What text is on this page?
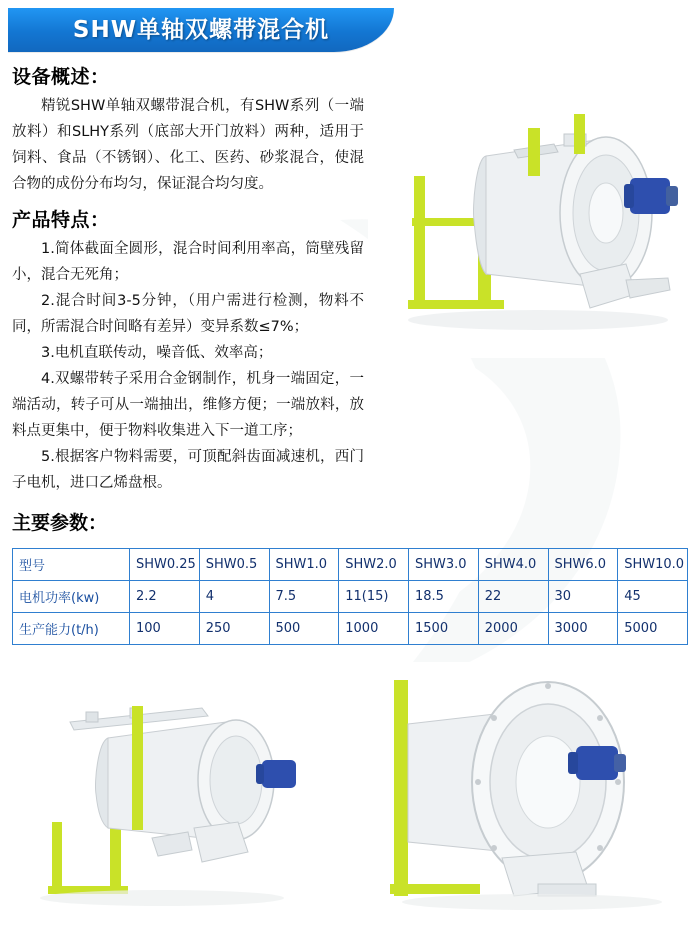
SHW单轴双螺带混合机
设备概述：

精锐SHW单轴双螺带混合机，有SHW系列（一端放料）和SLHY系列（底部大开门放料）两种，适用于饲料、食品（不锈钢）、化工、医药、砂浆混合，使混合物的成份分布均匀，保证混合均匀度。

产品特点：

1.简体截面全圆形，混合时间利用率高，筒壁残留小，混合无死角；

2.混合时间3-5分钟，（用户需进行检测，物料不同，所需混合时间略有差异）变异系数≤7%；

3.电机直联传动，噪音低、效率高；

4.双螺带转子采用合金钢制作，机身一端固定，一端活动，转子可从一端抽出，维修方便；一端放料，放料点更集中，便于物料收集进入下一道工序；

5.根据客户物料需要，可顶配斜齿面减速机，西门子电机，进口乙烯盘根。

主要参数：
型号	SHW0.25	SHW0.5	SHW1.0	SHW2.0	SHW3.0	SHW4.0	SHW6.0	SHW10.0
电机功率(kw)	2.2	4	7.5	11(15)	18.5	22	30	45
生产能力(t/h)	100	250	500	1000	1500	2000	3000	5000
